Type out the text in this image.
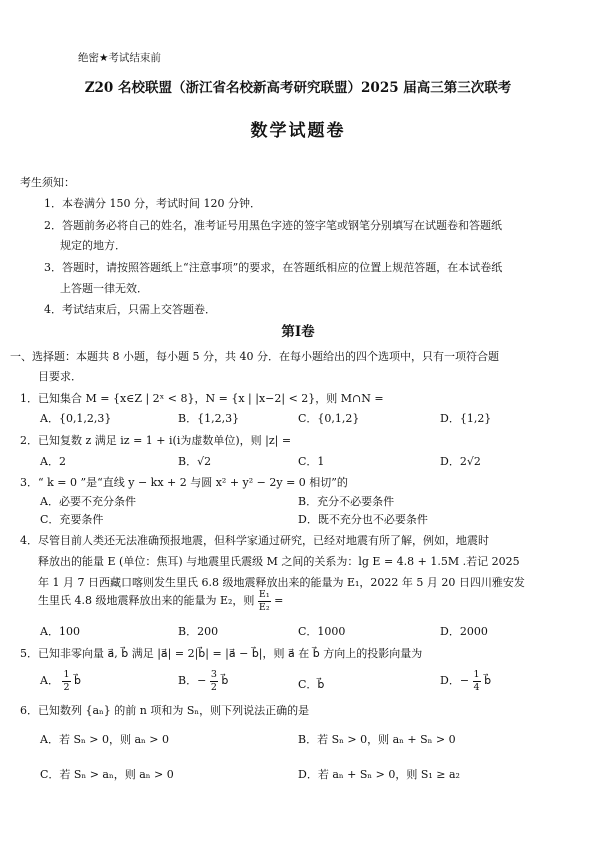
绝密★考试结束前
Z20 名校联盟（浙江省名校新高考研究联盟）2025 届高三第三次联考
数学试题卷
考生须知：
1．本卷满分 150 分，考试时间 120 分钟．
2．答题前务必将自己的姓名，准考证号用黑色字迹的签字笔或钢笔分别填写在试题卷和答题纸
规定的地方．
3．答题时，请按照答题纸上“注意事项”的要求，在答题纸相应的位置上规范答题，在本试卷纸
上答题一律无效．
4．考试结束后，只需上交答题卷．
第Ⅰ卷
一、选择题：本题共 8 小题，每小题 5 分，共 40 分．在每小题给出的四个选项中，只有一项符合题
目要求．
1．已知集合 M = {x∈Z | 2ˣ < 8}，N = {x | |x−2| < 2}，则 M∩N =
A．{0,1,2,3}	B．{1,2,3}	C．{0,1,2}	D．{1,2}
2．已知复数 z 满足 iz = 1 + i(i为虚数单位)，则 |z| =
A．2	B．√2	C．1	D．2√2
3．“ k = 0 ”是“直线 y − kx + 2 与圆 x² + y² − 2y = 0 相切”的
A．必要不充分条件	B．充分不必要条件
C．充要条件	D．既不充分也不必要条件
4．尽管目前人类还无法准确预报地震，但科学家通过研究，已经对地震有所了解，例如，地震时
释放出的能量 E (单位：焦耳) 与地震里氏震级 M 之间的关系为：lg E = 4.8 + 1.5M .若记 2025
年 1 月 7 日西藏口喀则发生里氏 6.8 级地震释放出来的能量为 E₁，2022 年 5 月 20 日四川雅安发
生里氏 4.8 级地震释放出来的能量为 E₂，则 $\frac{\text{E₁}}{\text{E₂}}$ =
A．100	B．200	C．1000	D．2000
5．已知非零向量 a⃗, b⃗ 满足 |a⃗| = 2|b⃗| = |a⃗ − b⃗|，则 a⃗ 在 b⃗ 方向上的投影向量为
A． $\frac{1}{2}$ b⃗	B．− $\frac{3}{2}$ b⃗	C．b⃗	D．− $\frac{1}{4}$ b⃗
6．已知数列 {aₙ} 的前 n 项和为 Sₙ，则下列说法正确的是
A．若 Sₙ > 0，则 aₙ > 0	B．若 Sₙ > 0，则 aₙ + Sₙ > 0
C．若 Sₙ > aₙ，则 aₙ > 0	D．若 aₙ + Sₙ > 0，则 S₁ ≥ a₂
